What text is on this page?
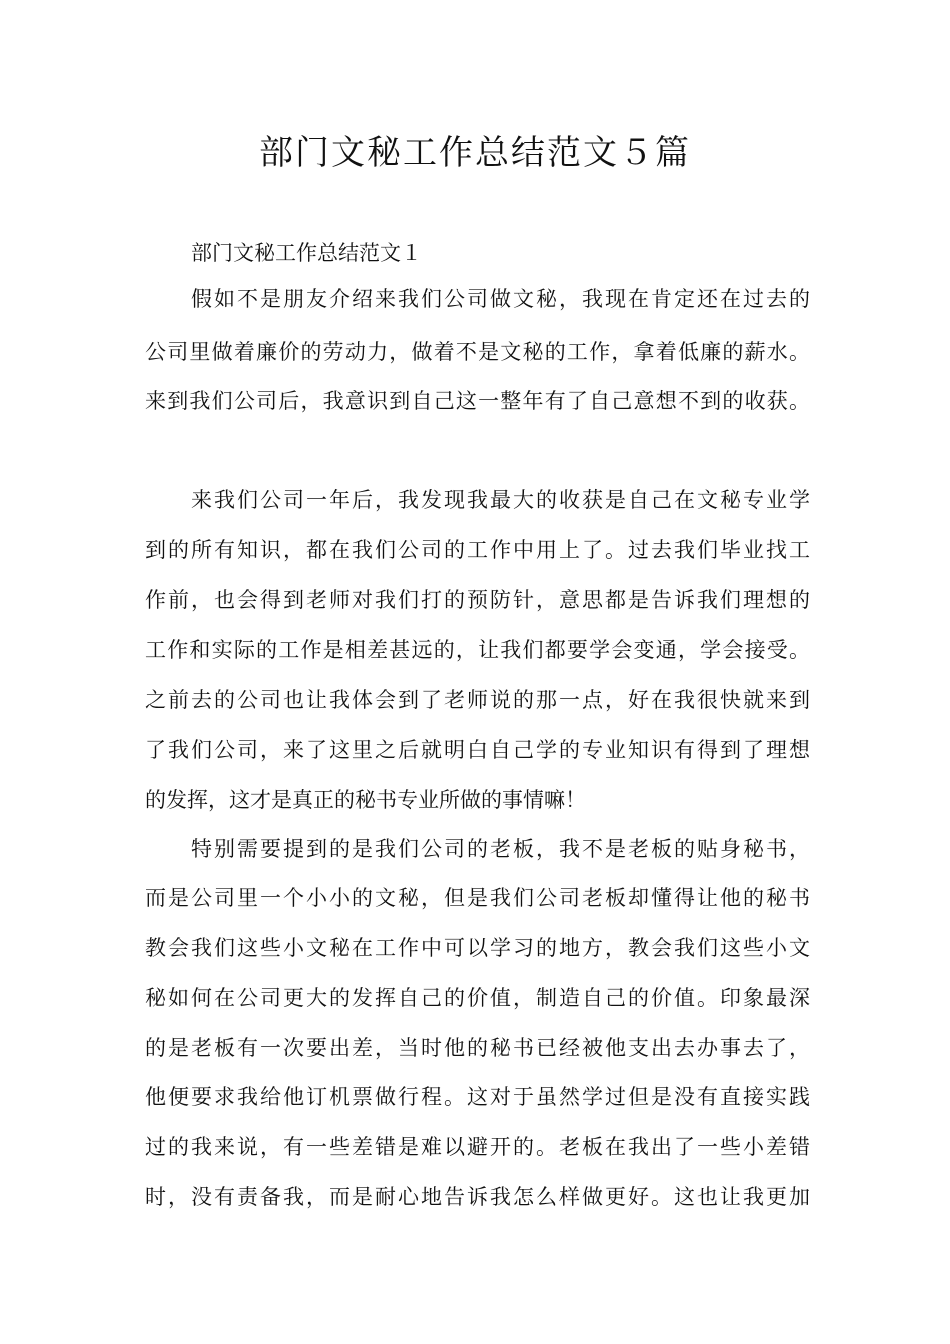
部门文秘工作总结范文５篇

部门文秘工作总结范文１

假如不是朋友介绍来我们公司做文秘，我现在肯定还在过去的

公司里做着廉价的劳动力，做着不是文秘的工作，拿着低廉的薪水。

来到我们公司后，我意识到自己这一整年有了自己意想不到的收获。

来我们公司一年后，我发现我最大的收获是自己在文秘专业学

到的所有知识，都在我们公司的工作中用上了。过去我们毕业找工

作前，也会得到老师对我们打的预防针，意思都是告诉我们理想的

工作和实际的工作是相差甚远的，让我们都要学会变通，学会接受。

之前去的公司也让我体会到了老师说的那一点，好在我很快就来到

了我们公司，来了这里之后就明白自己学的专业知识有得到了理想

的发挥，这才是真正的秘书专业所做的事情嘛！

特别需要提到的是我们公司的老板，我不是老板的贴身秘书，

而是公司里一个小小的文秘，但是我们公司老板却懂得让他的秘书

教会我们这些小文秘在工作中可以学习的地方，教会我们这些小文

秘如何在公司更大的发挥自己的价值，制造自己的价值。印象最深

的是老板有一次要出差，当时他的秘书已经被他支出去办事去了，

他便要求我给他订机票做行程。这对于虽然学过但是没有直接实践

过的我来说，有一些差错是难以避开的。老板在我出了一些小差错

时，没有责备我，而是耐心地告诉我怎么样做更好。这也让我更加
